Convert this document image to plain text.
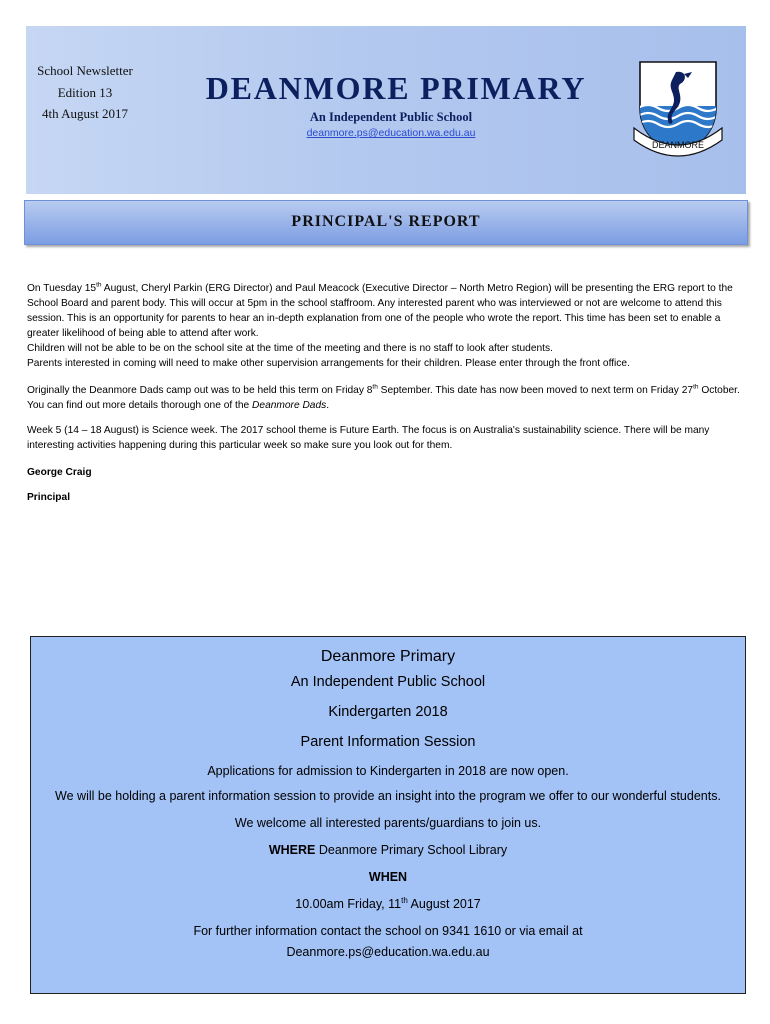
School Newsletter
Edition 13
4th August 2017
DEANMORE PRIMARY
An Independent Public School
deanmore.ps@education.wa.edu.au
DEANMORE
PRINCIPAL'S REPORT

On Tuesday 15th August, Cheryl Parkin (ERG Director) and Paul Meacock (Executive Director – North Metro Region) will be presenting the ERG report to the School Board and parent body. This will occur at 5pm in the school staffroom. Any interested parent who was interviewed or not are welcome to attend this session. This is an opportunity for parents to hear an in-depth explanation from one of the people who wrote the report. This time has been set to enable a greater likelihood of being able to attend after work.

Children will not be able to be on the school site at the time of the meeting and there is no staff to look after students.

Parents interested in coming will need to make other supervision arrangements for their children. Please enter through the front office.

Originally the Deanmore Dads camp out was to be held this term on Friday 8th September. This date has now been moved to next term on Friday 27th October. You can find out more details thorough one of the Deanmore Dads.

Week 5 (14 – 18 August) is Science week. The 2017 school theme is Future Earth. The focus is on Australia's sustainability science. There will be many interesting activities happening during this particular week so make sure you look out for them.

George Craig

Principal

Deanmore Primary

An Independent Public School

Kindergarten 2018

Parent Information Session

Applications for admission to Kindergarten in 2018 are now open.

We will be holding a parent information session to provide an insight into the program we offer to our wonderful students.

We welcome all interested parents/guardians to join us.

WHERE Deanmore Primary School Library

WHEN

10.00am Friday, 11th August 2017

For further information contact the school on 9341 1610 or via email at

Deanmore.ps@education.wa.edu.au
